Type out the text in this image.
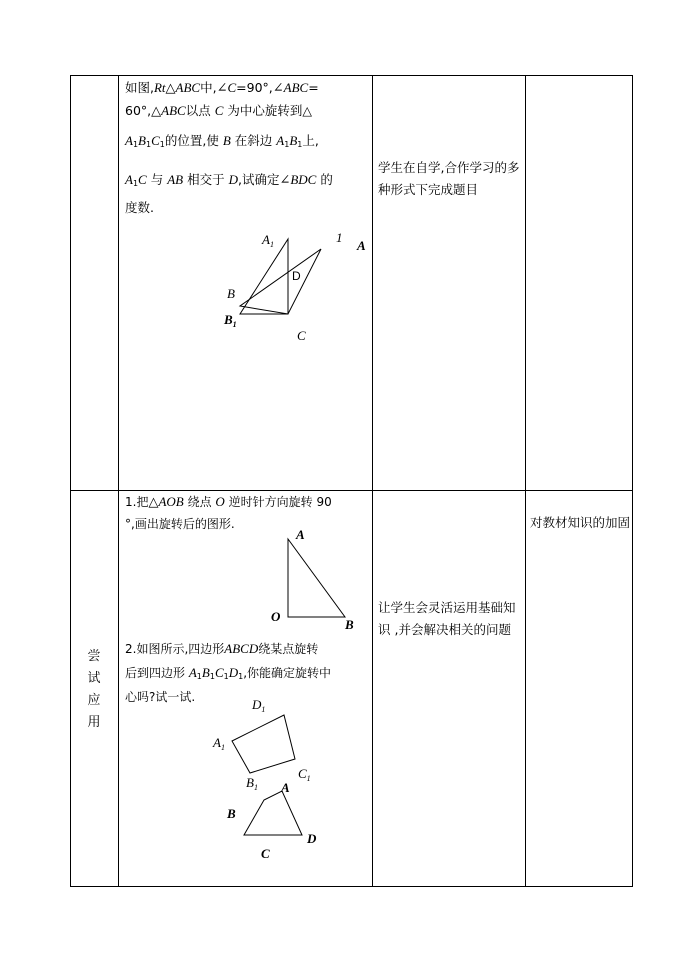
如图,Rt△ABC中,∠C=90°,∠ABC=
60°,△ABC以点 C 为中心旋转到△
$A_1B_1C_1$的位置,使 B 在斜边 $A_1B_1$上,
$A_1C$ 与 AB 相交于 D,试确定∠BDC 的
度数.
$A_1$	1
A
D
B
$B_1$
C
学生在自学,合作学习的多种形式下完成题目
尝
试
应
用
1.把△AOB 绕点 O 逆时针方向旋转 90
°,画出旋转后的图形.
A
O
B
2.如图所示,四边形ABCD绕某点旋转
后到四边形 $A_1B_1C_1D_1$,你能确定旋转中
心吗?试一试.	$D_1$
$A_1$
$B_1$
$C_1$
A
B
C
D
让学生会灵活运用基础知识 ,并会解决相关的问题
对教材知识的加固
